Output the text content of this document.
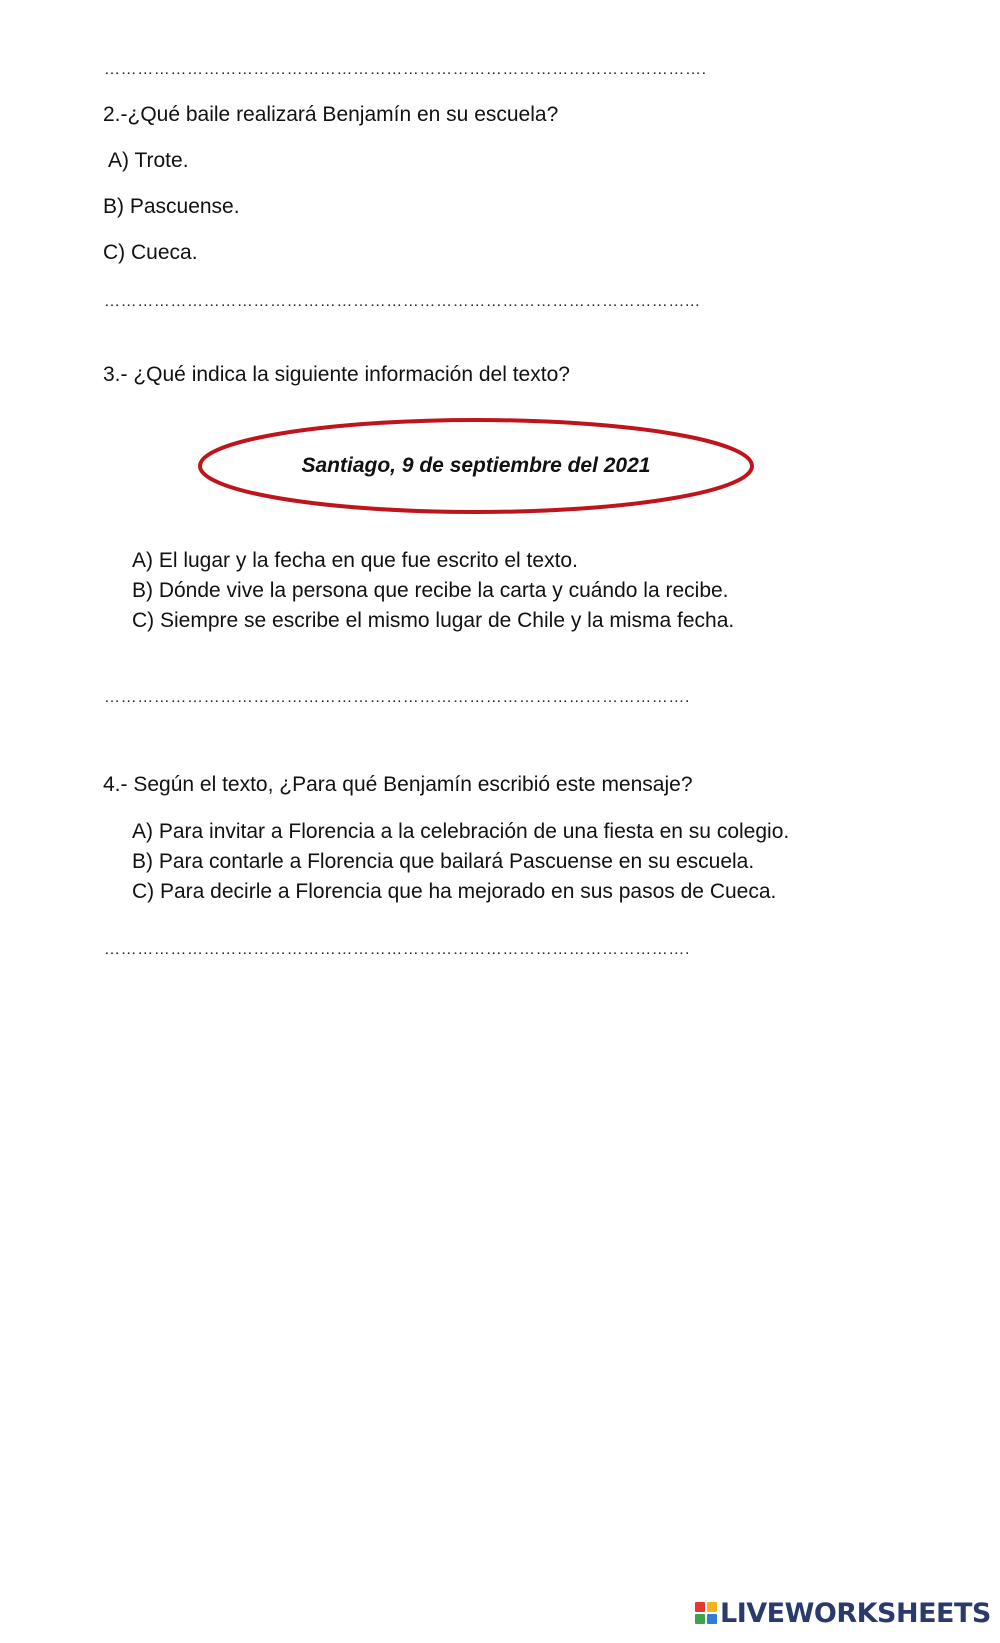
……………………………………………………………………………………………….
2.-¿Qué baile realizará Benjamín en su escuela?
A) Trote.
B) Pascuense.
C) Cueca.
……………………………………………………………………………………………...
3.- ¿Qué indica la siguiente información del texto?
Santiago, 9 de septiembre del 2021
A) El lugar y la fecha en que fue escrito el texto.
B) Dónde vive la persona que recibe la carta y cuándo la recibe.
C) Siempre se escribe el mismo lugar de Chile y la misma fecha.
…………………………………………………………………………………………….
4.- Según el texto, ¿Para qué Benjamín escribió este mensaje?
A) Para invitar a Florencia a la celebración de una fiesta en su colegio.
B) Para contarle a Florencia que bailará Pascuense en su escuela.
C) Para decirle a Florencia que ha mejorado en sus pasos de Cueca.
…………………………………………………………………………………………….
LIVEWORKSHEETS
